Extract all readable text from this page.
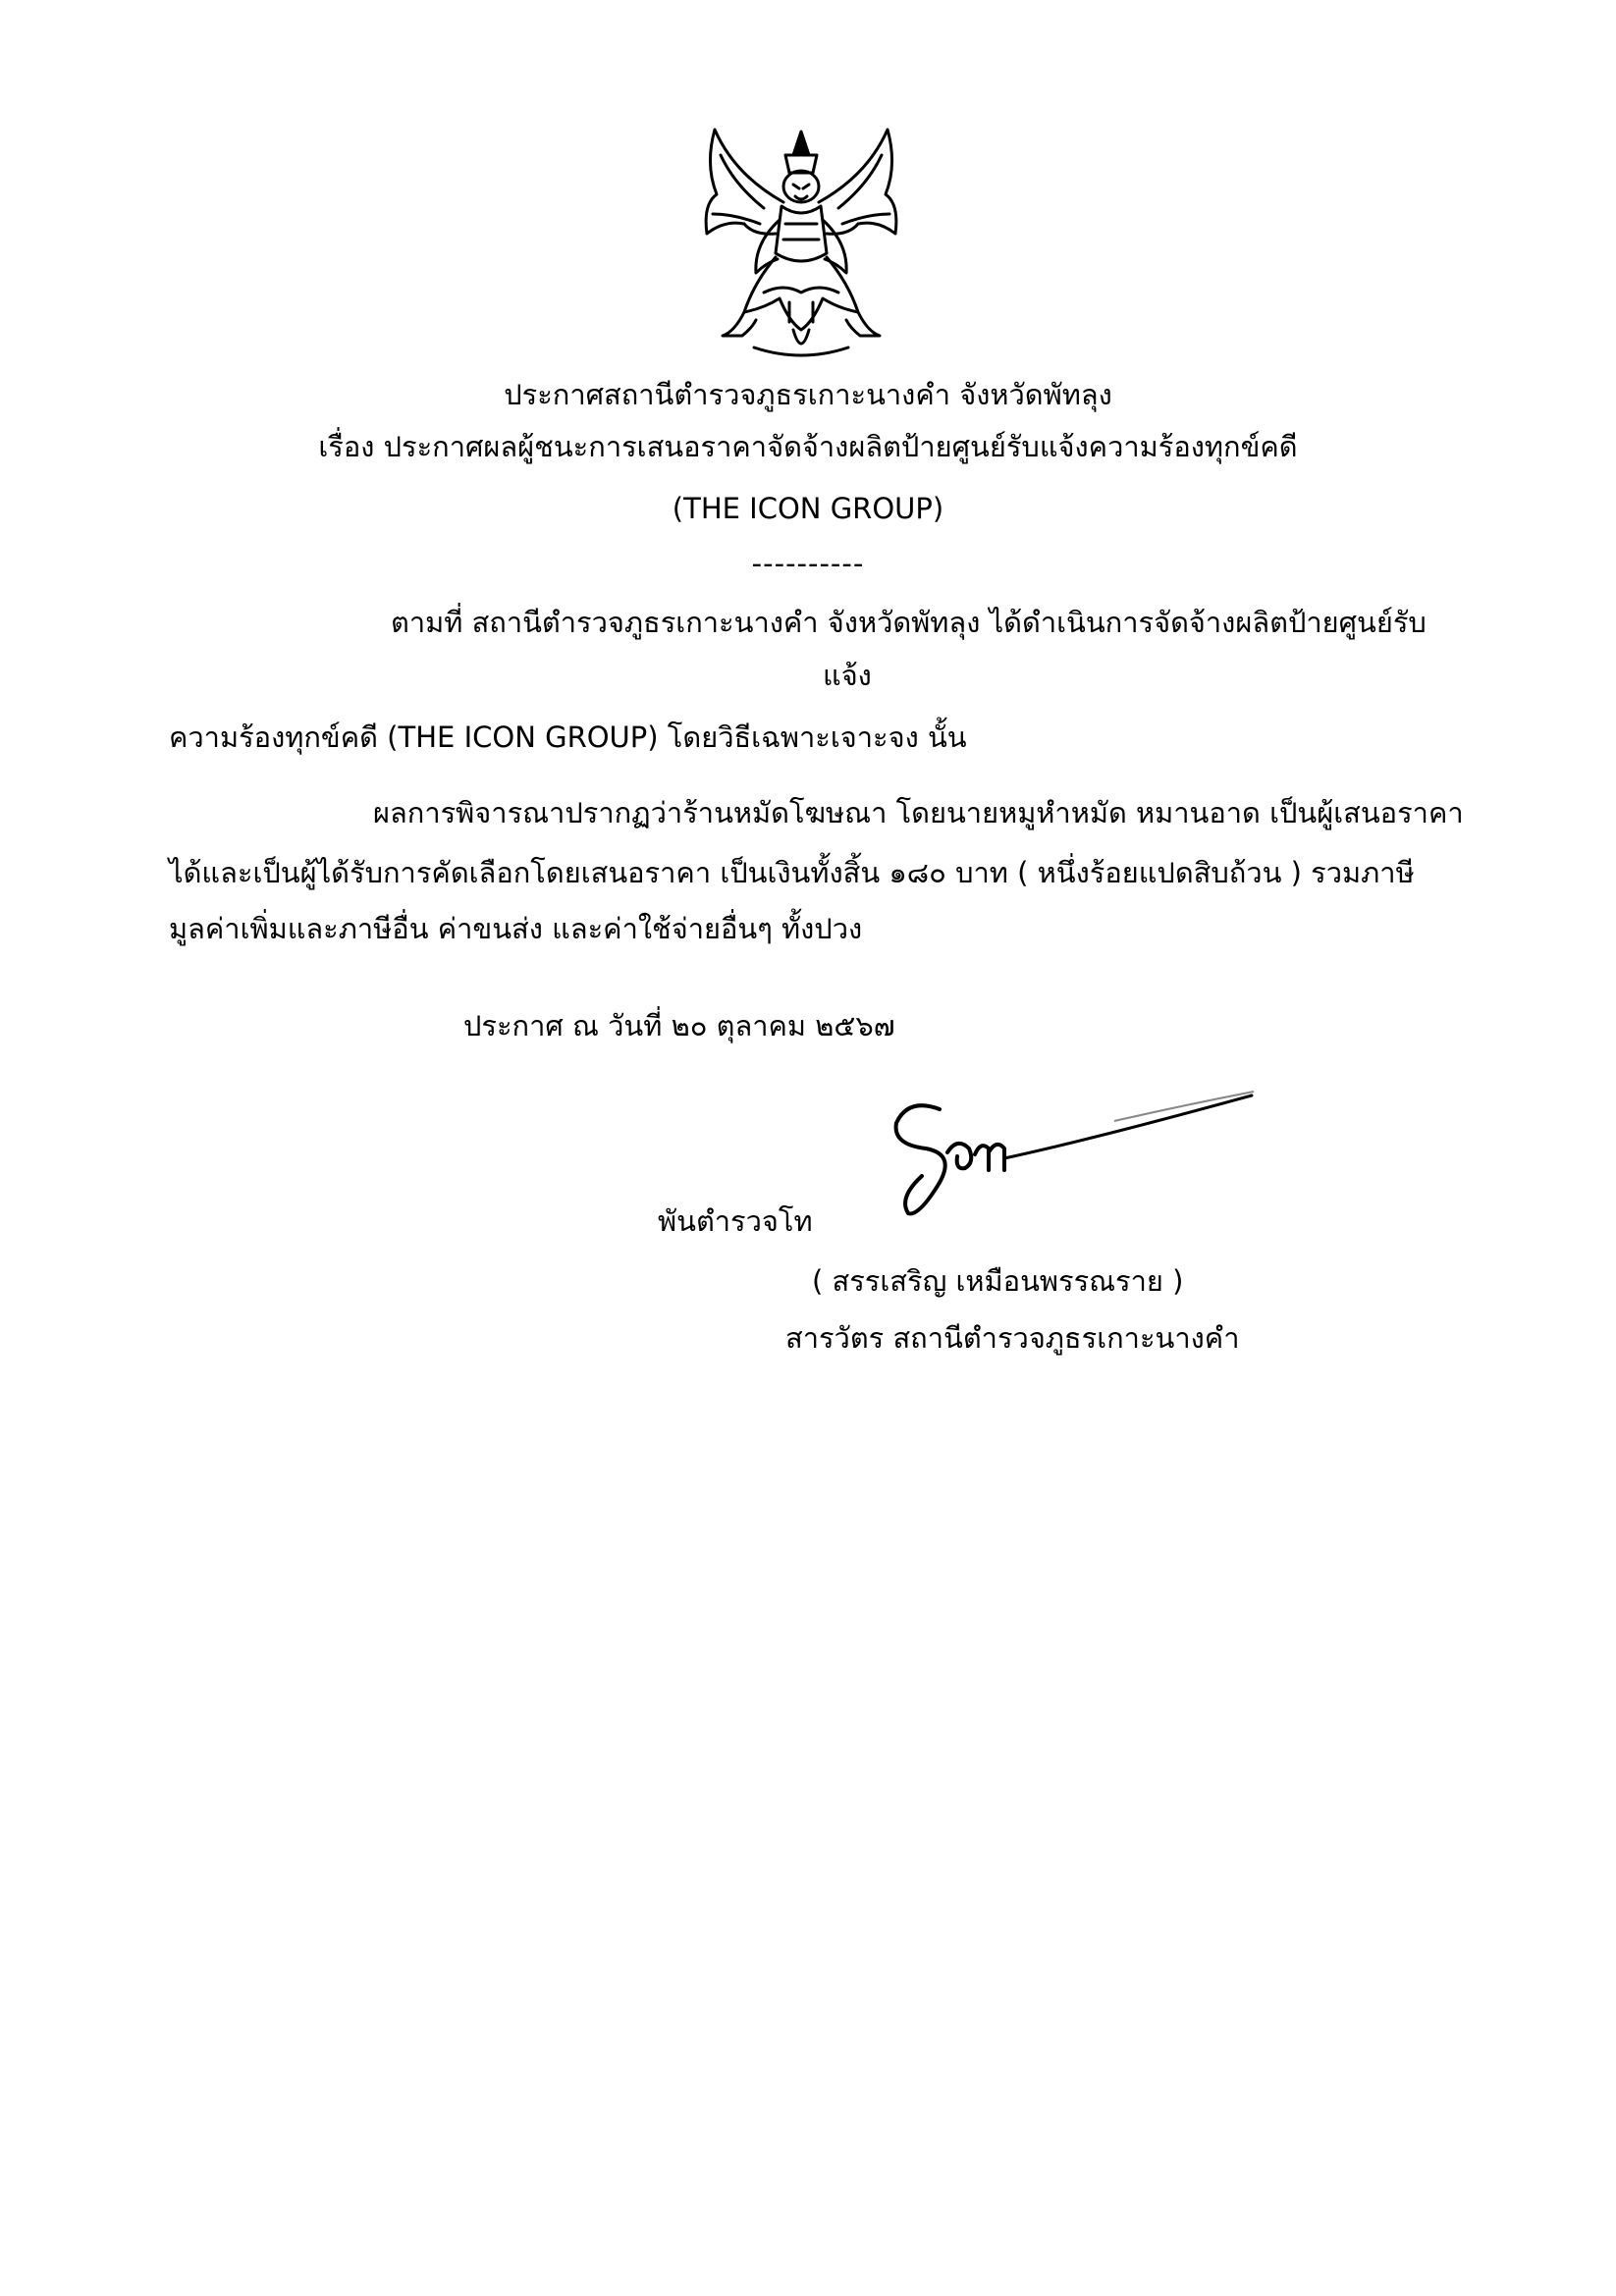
ประกาศสถานีตำรวจภูธรเกาะนางคำ จังหวัดพัทลุง
เรื่อง ประกาศผลผู้ชนะการเสนอราคาจัดจ้างผลิตป้ายศูนย์รับแจ้งความร้องทุกข์คดี
(THE ICON GROUP)
----------
ตามที่ สถานีตำรวจภูธรเกาะนางคำ จังหวัดพัทลุง ได้ดำเนินการจัดจ้างผลิตป้ายศูนย์รับ
แจ้ง
ความร้องทุกข์คดี (THE ICON GROUP) โดยวิธีเฉพาะเจาะจง นั้น
ผลการพิจารณาปรากฏว่าร้านหมัดโฆษณา โดยนายหมูหำหมัด หมานอาด เป็นผู้เสนอราคา
ได้และเป็นผู้ได้รับการคัดเลือกโดยเสนอราคา เป็นเงินทั้งสิ้น ๑๘๐ บาท ( หนึ่งร้อยแปดสิบถ้วน ) รวมภาษี
มูลค่าเพิ่มและภาษีอื่น ค่าขนส่ง และค่าใช้จ่ายอื่นๆ ทั้งปวง
ประกาศ ณ วันที่ ๒๐ ตุลาคม ๒๕๖๗
พันตำรวจโท
( สรรเสริญ เหมือนพรรณราย )
สารวัตร สถานีตำรวจภูธรเกาะนางคำ
